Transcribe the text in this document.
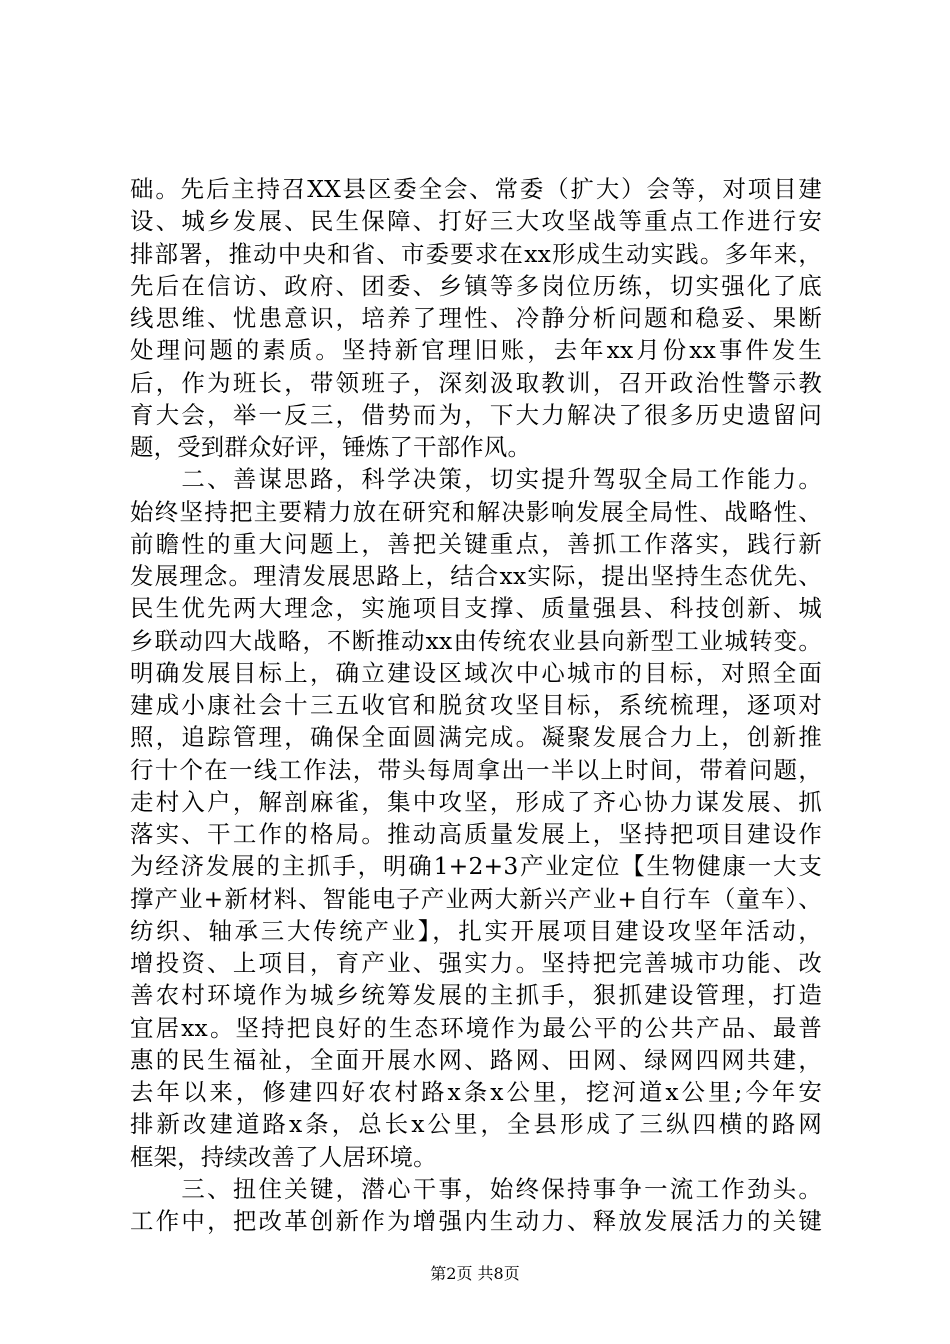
础。先后主持召XX县区委全会、常委（扩大）会等，对项目建
设、城乡发展、民生保障、打好三大攻坚战等重点工作进行安
排部署，推动中央和省、市委要求在xx形成生动实践。多年来，
先后在信访、政府、团委、乡镇等多岗位历练，切实强化了底
线思维、忧患意识，培养了理性、冷静分析问题和稳妥、果断
处理问题的素质。坚持新官理旧账，去年xx月份xx事件发生
后，作为班长，带领班子，深刻汲取教训，召开政治性警示教
育大会，举一反三，借势而为，下大力解决了很多历史遗留问
题，受到群众好评，锤炼了干部作风。
　　二、善谋思路，科学决策，切实提升驾驭全局工作能力。
始终坚持把主要精力放在研究和解决影响发展全局性、战略性、
前瞻性的重大问题上，善把关键重点，善抓工作落实，践行新
发展理念。理清发展思路上，结合xx实际，提出坚持生态优先、
民生优先两大理念，实施项目支撑、质量强县、科技创新、城
乡联动四大战略，不断推动xx由传统农业县向新型工业城转变。
明确发展目标上，确立建设区域次中心城市的目标，对照全面
建成小康社会十三五收官和脱贫攻坚目标，系统梳理，逐项对
照，追踪管理，确保全面圆满完成。凝聚发展合力上，创新推
行十个在一线工作法，带头每周拿出一半以上时间，带着问题，
走村入户，解剖麻雀，集中攻坚，形成了齐心协力谋发展、抓
落实、干工作的格局。推动高质量发展上，坚持把项目建设作
为经济发展的主抓手，明确1+2+3产业定位【生物健康一大支
撑产业+新材料、智能电子产业两大新兴产业+自行车（童车）、
纺织、轴承三大传统产业】，扎实开展项目建设攻坚年活动，
增投资、上项目，育产业、强实力。坚持把完善城市功能、改
善农村环境作为城乡统筹发展的主抓手，狠抓建设管理，打造
宜居xx。坚持把良好的生态环境作为最公平的公共产品、最普
惠的民生福祉，全面开展水网、路网、田网、绿网四网共建，
去年以来，修建四好农村路x条x公里，挖河道x公里;今年安
排新改建道路x条，总长x公里，全县形成了三纵四横的路网
框架，持续改善了人居环境。
　　三、扭住关键，潜心干事，始终保持事争一流工作劲头。
工作中，把改革创新作为增强内生动力、释放发展活力的关键
第2页 共8页
